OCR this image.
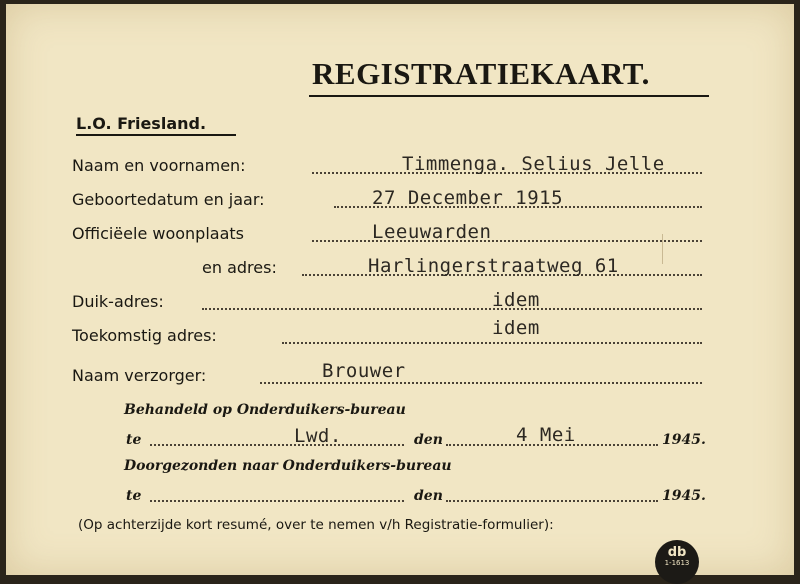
REGISTRATIEKAART.
L.O. Friesland.
Naam en voornamen:	Timmenga. Selius Jelle
Geboortedatum en jaar:	27 December 1915
Officiëele woonplaats	Leeuwarden
en adres:	Harlingerstraatweg 61
Duik-adres:	idem
Toekomstig adres:	idem
Naam verzorger:	Brouwer
Behandeld op Onderduikers-bureau
te	Lwd.	den	4 Mei	1945.
Doorgezonden naar Onderduikers-bureau
te	den	1945.
(Op achterzijde kort resumé, over te nemen v/h Registratie-formulier):
db
1-1613
